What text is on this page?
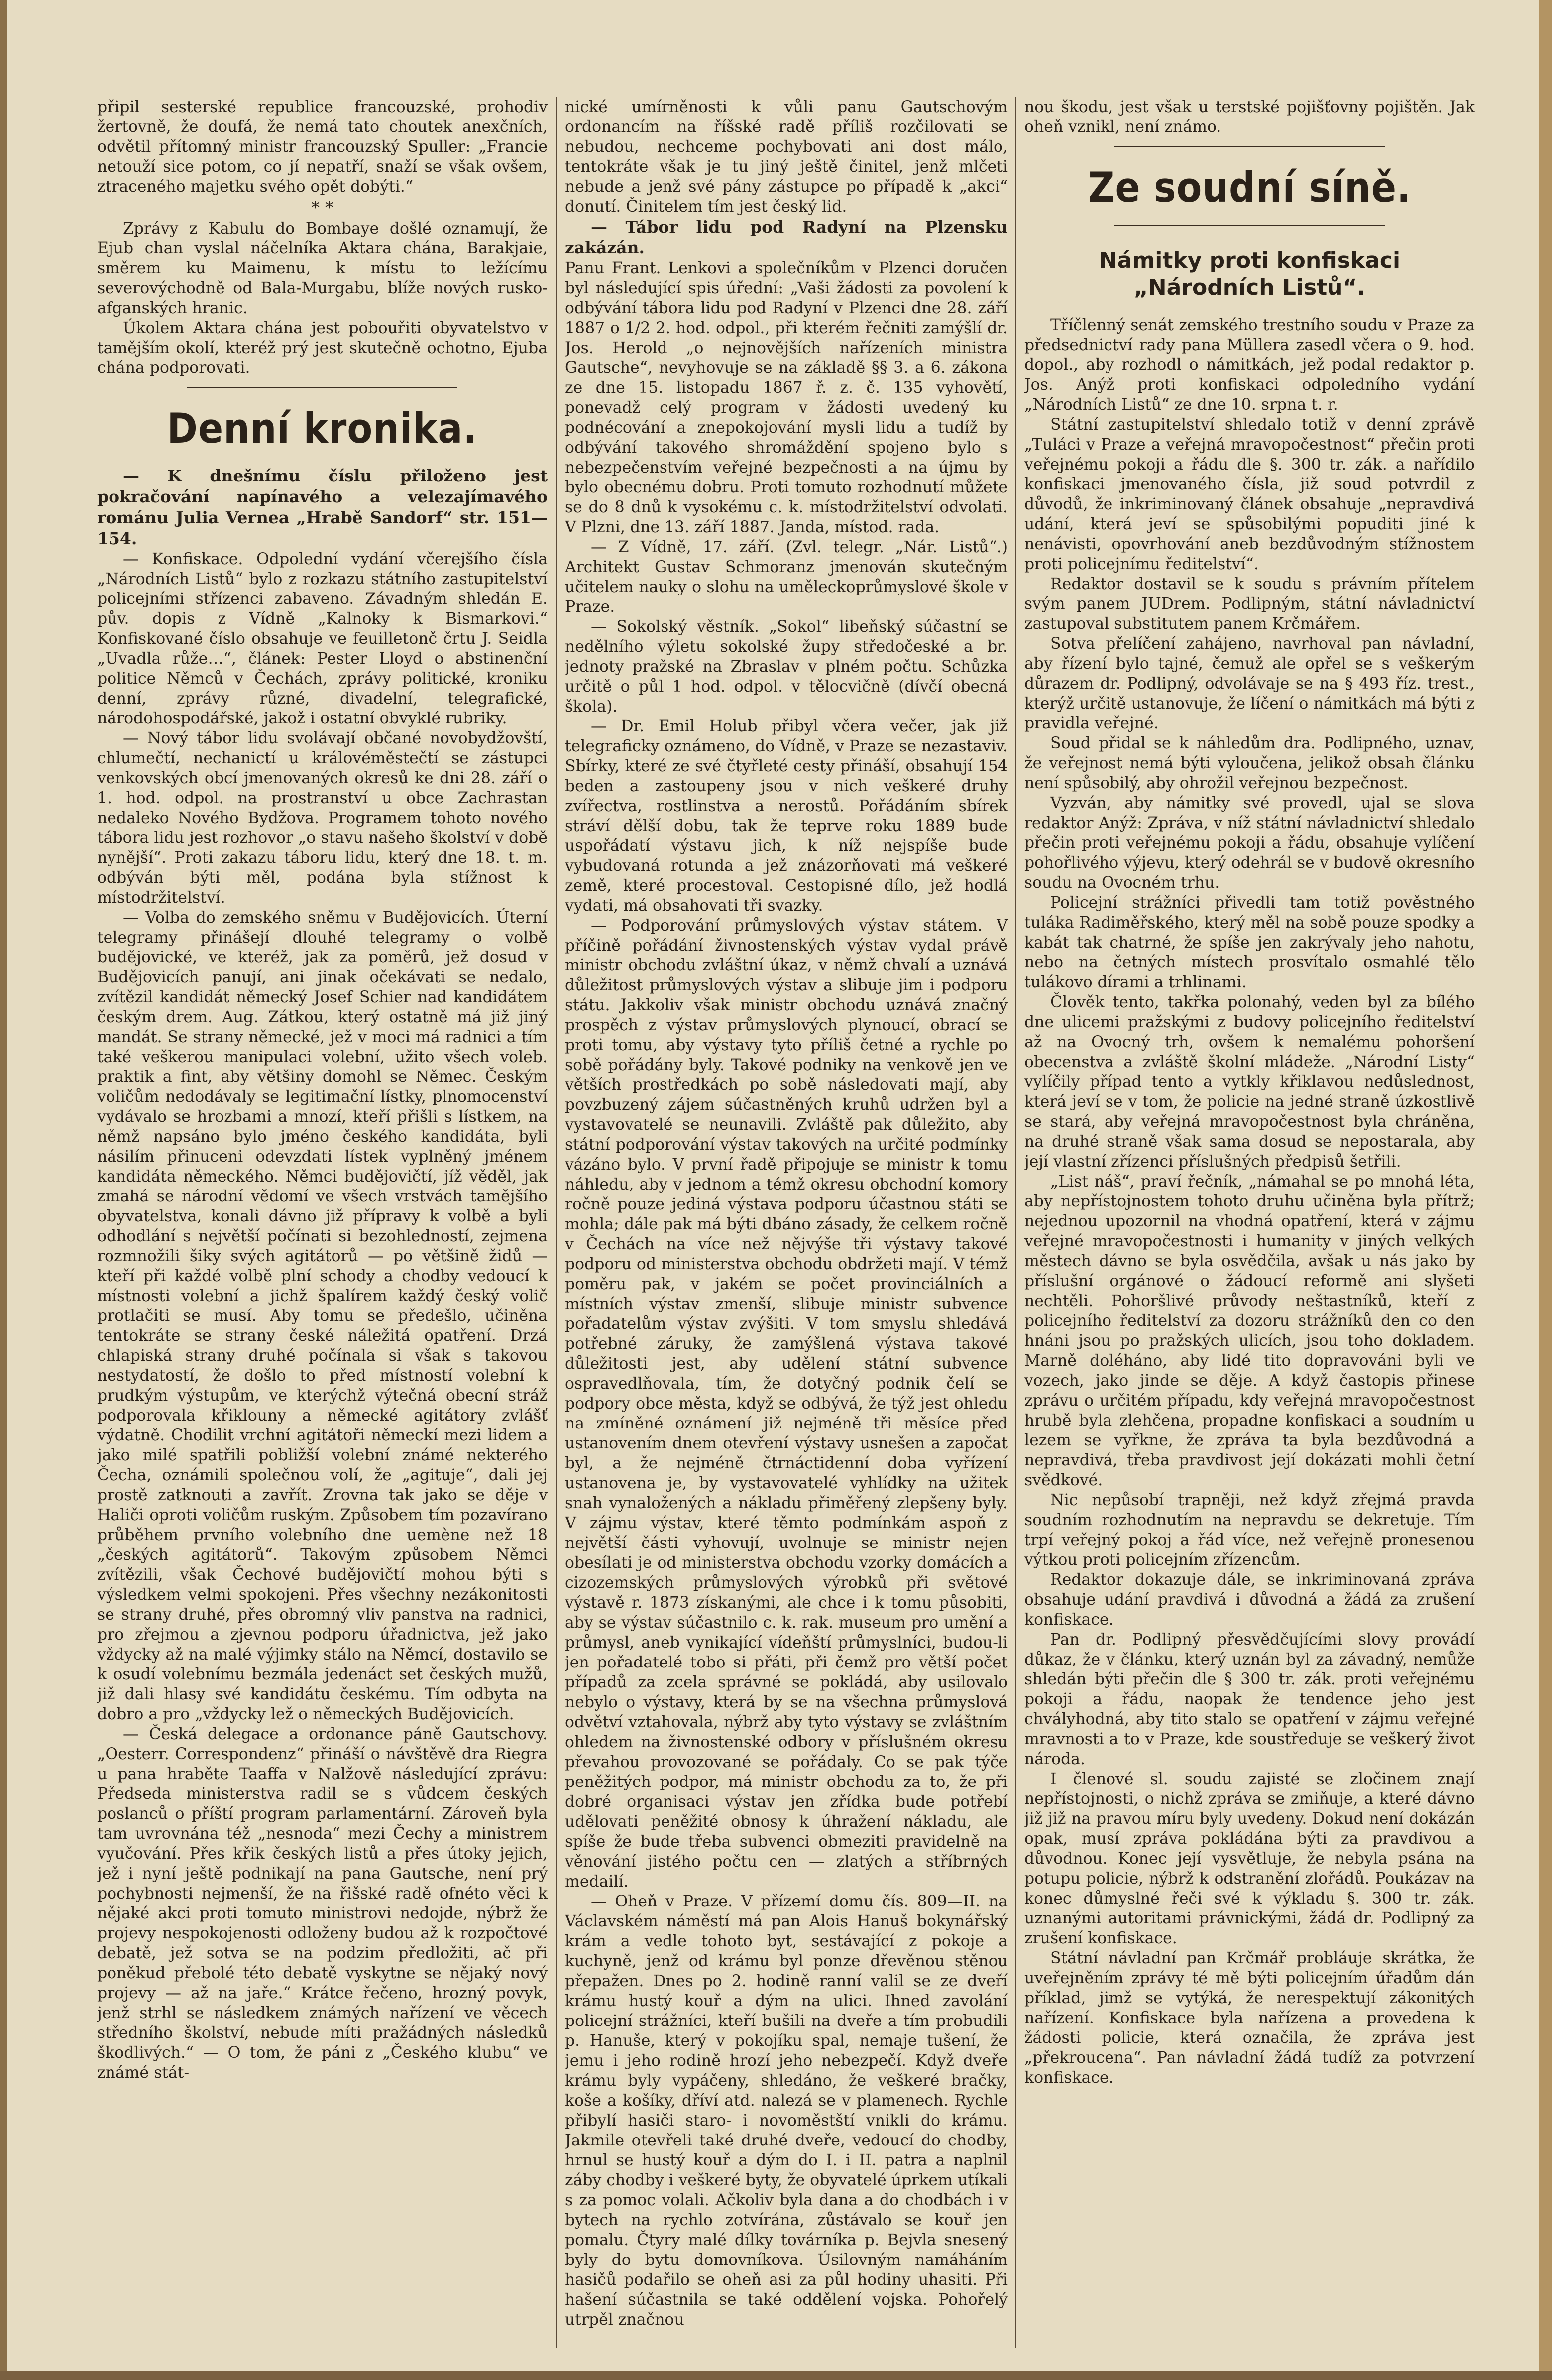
připil sesterské republice francouzské, prohodiv žertovně, že doufá, že nemá tato choutek anexčních, odvětil přítomný ministr francouzský Spuller: „Francie netouží sice potom, co jí nepatří, snaží se však ovšem, ztraceného majetku svého opět dobýti.“

* *

Zprávy z Kabulu do Bombaye došlé oznamují, že Ejub chan vyslal náčelníka Aktara chána, Barakjaie, směrem ku Maimenu, k místu to ležícímu severovýchodně od Bala-Murgabu, blíže nových rusko-afganských hranic.

Úkolem Aktara chána jest pobouřiti obyvatelstvo v tamějším okolí, kteréž prý jest skutečně ochotno, Ejuba chána podporovati.

Denní kronika.

— K dnešnímu číslu přiloženo jest pokračování napínavého a velezajímavého románu Julia Vernea „Hrabě Sandorf“ str. 151—154.

— Konfiskace. Odpolední vydání včerejšího čísla „Národních Listů“ bylo z rozkazu státního zastupitelství policejními střízenci zabaveno. Závadným shledán E. pův. dopis z Vídně „Kalnoky k Bismarkovi.“ Konfiskované číslo obsahuje ve feuilletonč črtu J. Seidla „Uvadla růže…“, článek: Pester Lloyd o abstinenční politice Němců v Čechách, zprávy politické, kroniku denní, zprávy různé, divadelní, telegrafické, národohospodářské, jakož i ostatní obvyklé rubriky.

— Nový tábor lidu svolávají občané novobydžovští, chlumečtí, nechanictí u královéměstečtí se zástupci venkovských obcí jmenovaných okresů ke dni 28. září o 1. hod. odpol. na prostranství u obce Zachrastan nedaleko Nového Bydžova. Programem tohoto nového tábora lidu jest rozhovor „o stavu našeho školství v době nynější“. Proti zakazu táboru lidu, který dne 18. t. m. odbýván býti měl, podána byla stížnost k místodržitelství.

— Volba do zemského sněmu v Budějovicích. Úterní telegramy přinášejí dlouhé telegramy o volbě budějovické, ve kteréž, jak za poměrů, jež dosud v Budějovicích panují, ani jinak očekávati se nedalo, zvítězil kandidát německý Josef Schier nad kandidátem českým drem. Aug. Zátkou, který ostatně má již jiný mandát. Se strany německé, jež v moci má radnici a tím také veškerou manipulaci volební, užito všech voleb. praktik a fint, aby většiny domohl se Němec. Českým voličům nedodávaly se legitimační lístky, plnomocenství vydávalo se hrozbami a mnozí, kteří přišli s lístkem, na němž napsáno bylo jméno českého kandidáta, byli násilím přinuceni odevzdati lístek vyplněný jménem kandidáta německého. Němci budějovičtí, jíž věděl, jak zmahá se národní vědomí ve všech vrstvách tamějšího obyvatelstva, konali dávno již přípravy k volbě a byli odhodlání s největší počínati si bezohledností, zejmena rozmnožili šiky svých agitátorů — po většině židů — kteří při každé volbě plní schody a chodby vedoucí k místnosti volební a jichž špalírem každý český volič protlačiti se musí. Aby tomu se předešlo, učiněna tentokráte se strany české náležitá opatření. Drzá chlapiská strany druhé počínala si však s takovou nestydatostí, že došlo to před místností volební k prudkým výstupům, ve kterýchž výtečná obecní stráž podporovala křiklouny a německé agitátory zvlášť výdatně. Chodilit vrchní agitátoři německí mezi lidem a jako milé spatřili pobližší volební známé nekterého Čecha, oznámili společnou volí, že „agituje“, dali jej prostě zatknouti a zavřít. Zrovna tak jako se děje v Haliči oproti voličům ruským. Způsobem tím pozavírano průběhem prvního volebního dne uemène než 18 „českých agitátorů“. Takovým způsobem Němci zvítězili, však Čechové budějovičtí mohou býti s výsledkem velmi spokojeni. Přes všechny nezákonitosti se strany druhé, přes obromný vliv panstva na radnici, pro zřejmou a zjevnou podporu úřadnictva, jež jako vždycky až na malé výjimky stálo na Němcí, dostavilo se k osudí volebnímu bezmála jedenáct set českých mužů, již dali hlasy své kandidátu českému. Tím odbyta na dobro a pro „vždycky lež o německých Budějovicích.

— Česká delegace a ordonance páně Gautschovy. „Oesterr. Correspondenz“ přináší o návštěvě dra Riegra u pana hraběte Taaffa v Nalžově následující zprávu: Předseda ministerstva radil se s vůdcem českých poslanců o příští program parlamentární. Zároveň byla tam uvrovnána též „nesnoda“ mezi Čechy a ministrem vyučování. Přes křik českých listů a přes útoky jejich, jež i nyní ještě podnikají na pana Gautsche, není prý pochybnosti nejmenší, že na řišské radě ofnéto věci k nějaké akci proti tomuto ministrovi nedojde, nýbrž že projevy nespokojenosti odloženy budou až k rozpočtové debatě, jež sotva se na podzim předložiti, ač při poněkud přebolé této debatě vyskytne se nějaký nový projevy — až na jaře.“ Krátce řečeno, hrozný povyk, jenž strhl se následkem známých nařízení ve věcech středního školství, nebude míti pražádných následků škodlivých.“ — O tom, že páni z „Českého klubu“ ve známé stát-

nické umírněnosti k vůli panu Gautschovým ordonancím na říšské radě příliš rozčilovati se nebudou, nechceme pochybovati ani dost málo, tentokráte však je tu jiný ještě činitel, jenž mlčeti nebude a jenž své pány zástupce po případě k „akci“ donutí. Činitelem tím jest český lid.

— Tábor lidu pod Radyní na Plzensku zakázán.

Panu Frant. Lenkovi a společníkům v Plzenci doručen byl následující spis úřední: „Vaši žádosti za povolení k odbývání tábora lidu pod Radyní v Plzenci dne 28. září 1887 o 1/2 2. hod. odpol., při kterém řečniti zamýšlí dr. Jos. Herold „o nejnovějších nařízeních ministra Gautsche“, nevyhovuje se na základě §§ 3. a 6. zákona ze dne 15. listopadu 1867 ř. z. č. 135 vyhovětí, ponevadž celý program v žádosti uvedený ku podnécování a znepokojování mysli lidu a tudíž by odbývání takového shromáždění spojeno bylo s nebezpečenstvím veřejné bezpečnosti a na újmu by bylo obecnému dobru. Proti tomuto rozhodnutí můžete se do 8 dnů k vysokému c. k. místodržitelství odvolati. V Plzni, dne 13. září 1887. Janda, místod. rada.

— Z Vídně, 17. září. (Zvl. telegr. „Nár. Listů“.) Architekt Gustav Schmoranz jmenován skutečným učitelem nauky o slohu na uměleckoprůmyslové škole v Praze.

— Sokolský věstník. „Sokol“ libeňský súčastní se nedělního výletu sokolské župy středočeské a br. jednoty pražské na Zbraslav v plném počtu. Schůzka určitě o půl 1 hod. odpol. v tělocvičně (dívčí obecná škola).

— Dr. Emil Holub přibyl včera večer, jak již telegraficky oznámeno, do Vídně, v Praze se nezastaviv. Sbírky, které ze své čtyřleté cesty přináší, obsahují 154 beden a zastoupeny jsou v nich veškeré druhy zvířectva, rostlinstva a nerostů. Pořádáním sbírek stráví dělší dobu, tak že teprve roku 1889 bude uspořádatí výstavu jich, k níž nejspíše bude vybudovaná rotunda a jež znázorňovati má veškeré země, které procestoval. Cestopisné dílo, jež hodlá vydati, má obsahovati tři svazky.

— Podporování průmyslových výstav státem. V příčině pořádání živnostenských výstav vydal právě ministr obchodu zvláštní úkaz, v němž chvalí a uznává důležitost průmyslových výstav a slibuje jim i podporu státu. Jakkoliv však ministr obchodu uznává značný prospěch z výstav průmyslových plynoucí, obrací se proti tomu, aby výstavy tyto příliš četné a rychle po sobě pořádány byly. Takové podniky na venkově jen ve větších prostředkách po sobě následovati mají, aby povzbuzený zájem súčastněných kruhů udržen byl a vystavovatelé se neunavili. Zvláště pak důležito, aby státní podporování výstav takových na určité podmínky vázáno bylo. V první řadě připojuje se ministr k tomu náhledu, aby v jednom a témž okresu obchodní komory ročně pouze jediná výstava podporu účastnou státi se mohla; dále pak má býti dbáno zásady, že celkem ročně v Čechách na více než nějvýše tři výstavy takové podporu od ministerstva obchodu obdržeti mají. V témž poměru pak, v jakém se počet provinciálních a místních výstav zmenší, slibuje ministr subvence pořadatelům výstav zvýšiti. V tom smyslu shledává potřebné záruky, že zamýšlená výstava takové důležitosti jest, aby udělení státní subvence ospravedlňovala, tím, že dotyčný podnik čelí se podpory obce města, když se odbývá, že týž jest ohledu na zmíněné oznámení již nejméně tři měsíce před ustanovením dnem otevření výstavy usnešen a započat byl, a že nejméně čtrnáctidenní doba vyřízení ustanovena je, by vystavovatelé vyhlídky na užitek snah vynaložených a nákladu přiměřený zlepšeny byly. V zájmu výstav, které těmto podmínkám aspoň z největší části vyhovují, uvolnuje se ministr nejen obesílati je od ministerstva obchodu vzorky domácích a cizozemských průmyslových výrobků při světové výstavě r. 1873 získanými, ale chce i k tomu působiti, aby se výstav súčastnilo c. k. rak. museum pro umění a průmysl, aneb vynikající vídeňští průmyslníci, budou-li jen pořadatelé tobo si přáti, při čemž pro větší počet případů za zcela správné se pokládá, aby usilovalo nebylo o výstavy, která by se na všechna průmyslová odvětví vztahovala, nýbrž aby tyto výstavy se zvláštním ohledem na živnostenské odbory v příslušném okresu převahou provozované se pořádaly. Co se pak týče peněžitých podpor, má ministr obchodu za to, že při dobré organisaci výstav jen zřídka bude potřebí udělovati peněžité obnosy k úhražení nákladu, ale spíše že bude třeba subvenci obmeziti pravidelně na věnování jistého počtu cen — zlatých a stříbrných medailí.

— Oheň v Praze. V přízemí domu čís. 809—II. na Václavském náměstí má pan Alois Hanuš bokynářský krám a vedle tohoto byt, sestávající z pokoje a kuchyně, jenž od krámu byl ponze dřevěnou stěnou přepažen. Dnes po 2. hodině ranní valil se ze dveří krámu hustý kouř a dým na ulici. Ihned zavolání policejní strážníci, kteří bušili na dveře a tím probudili p. Hanuše, který v pokojíku spal, nemaje tušení, že jemu i jeho rodině hrozí jeho nebezpečí. Když dveře krámu byly vypáčeny, shledáno, že veškeré bračky, koše a košíky, dříví atd. nalezá se v plamenech. Rychle přibylí hasiči staro- i novoměstští vnikli do krámu. Jakmile otevřeli také druhé dveře, vedoucí do chodby, hrnul se hustý kouř a dým do I. i II. patra a naplnil záby chodby i veškeré byty, že obyvatelé úprkem utíkali s za pomoc volali. Ačkoliv byla dana a do chodbách i v bytech na rychlo zotvírána, zůstávalo se kouř jen pomalu. Čtyry malé dílky továrníka p. Bejvla snesený byly do bytu domovníkova. Úsilovným namáháním hasičů podařilo se oheň asi za půl hodiny uhasiti. Při hašení súčastnila se také oddělení vojska. Pohořelý utrpěl značnou

nou škodu, jest však u terstské pojišťovny pojištěn. Jak oheň vznikl, není známo.

Ze soudní síně.
Námitky proti konfiskaci „Národních Listů“.

Tříčlenný senát zemského trestního soudu v Praze za předsednictví rady pana Müllera zasedl včera o 9. hod. dopol., aby rozhodl o námitkách, jež podal redaktor p. Jos. Anýž proti konfiskaci odpoledního vydání „Národních Listů“ ze dne 10. srpna t. r.

Státní zastupitelství shledalo totiž v denní zprávě „Tuláci v Praze a veřejná mravopočestnost“ přečin proti veřejnému pokoji a řádu dle §. 300 tr. zák. a nařídilo konfiskaci jmenovaného čísla, již soud potvrdil z důvodů, že inkriminovaný článek obsahuje „nepravdivá udání, která jeví se spůsobilými popuditi jiné k nenávisti, opovrhování aneb bezdůvodným stížnostem proti policejnímu ředitelství“.

Redaktor dostavil se k soudu s právním přítelem svým panem JUDrem. Podlipným, státní návladnictví zastupoval substitutem panem Krčmářem.

Sotva přelíčení zahájeno, navrhoval pan návladní, aby řízení bylo tajné, čemuž ale opřel se s veškerým důrazem dr. Podlipný, odvolávaje se na § 493 říz. trest., kterýž určitě ustanovuje, že líčení o námitkách má býti z pravidla veřejné.

Soud přidal se k náhledům dra. Podlipného, uznav, že veřejnost nemá býti vyloučena, jelikož obsah článku není spůsobilý, aby ohrožil veřejnou bezpečnost.

Vyzván, aby námitky své provedl, ujal se slova redaktor Anýž: Zpráva, v níž státní návladnictví shledalo přečin proti veřejnému pokoji a řádu, obsahuje vylíčení pohořlivého výjevu, který odehrál se v budově okresního soudu na Ovocném trhu.

Policejní strážníci přivedli tam totiž pověstného tuláka Radiměřského, který měl na sobě pouze spodky a kabát tak chatrné, že spíše jen zakrývaly jeho nahotu, nebo na četných místech prosvítalo osmahlé tělo tulákovo dírami a trhlinami.

Člověk tento, takřka polonahý, veden byl za bílého dne ulicemi pražskými z budovy policejního ředitelství až na Ovocný trh, ovšem k nemalému pohoršení obecenstva a zvláště školní mládeže. „Národní Listy“ vylíčily případ tento a vytkly křiklavou nedůslednost, která jeví se v tom, že policie na jedné straně úzkostlivě se stará, aby veřejná mravopočestnost byla chráněna, na druhé straně však sama dosud se nepostarala, aby její vlastní zřízenci příslušných předpisů šetřili.

„List náš“, praví řečník, „námahal se po mnohá léta, aby nepřístojnostem tohoto druhu učiněna byla přítrž; nejednou upozornil na vhodná opatření, která v zájmu veřejné mravopočestnosti i humanity v jiných velkých městech dávno se byla osvědčila, avšak u nás jako by příslušní orgánové o žádoucí reformě ani slyšeti nechtěli. Pohoršlivé průvody neštastníků, kteří z policejního ředitelství za dozoru strážníků den co den hnáni jsou po pražských ulicích, jsou toho dokladem. Marně doléháno, aby lidé tito dopravováni byli ve vozech, jako jinde se děje. A když častopis přinese zprávu o určitém případu, kdy veřejná mravopočestnost hrubě byla zlehčena, propadne konfiskaci a soudním u lezem se vyřkne, že zpráva ta byla bezdůvodná a nepravdivá, třeba pravdivost její dokázati mohli četní svědkové.

Nic nepůsobí trapněji, než když zřejmá pravda soudním rozhodnutím na nepravdu se dekretuje. Tím trpí veřejný pokoj a řád více, než veřejně pronesenou výtkou proti policejním zřízencům.

Redaktor dokazuje dále, se inkriminovaná zpráva obsahuje udání pravdivá i důvodná a žádá za zrušení konfiskace.

Pan dr. Podlipný přesvědčujícími slovy provádí důkaz, že v článku, který uznán byl za závadný, nemůže shledán býti přečin dle § 300 tr. zák. proti veřejnému pokoji a řádu, naopak že tendence jeho jest chvályhodná, aby tito stalo se opatření v zájmu veřejné mravnosti a to v Praze, kde soustředuje se veškerý život národa.

I členové sl. soudu zajisté se zločinem znají nepřístojnosti, o nichž zpráva se zmiňuje, a které dávno již již na pravou míru byly uvedeny. Dokud není dokázán opak, musí zpráva pokládána býti za pravdivou a důvodnou. Konec její vysvětluje, že nebyla psána na potupu policie, nýbrž k odstranění zlořádů. Poukázav na konec důmyslné řeči své k výkladu §. 300 tr. zák. uznanými autoritami právnickými, žádá dr. Podlipný za zrušení konfiskace.

Státní návladní pan Krčmář probláuje skrátka, že uveřejněním zprávy té mě býti policejním úřadům dán příklad, jimž se vytýká, že nerespektují zákonitých nařízení. Konfiskace byla nařízena a provedena k žádosti policie, která označila, že zpráva jest „překroucena“. Pan návladní žádá tudíž za potvrzení konfiskace.
